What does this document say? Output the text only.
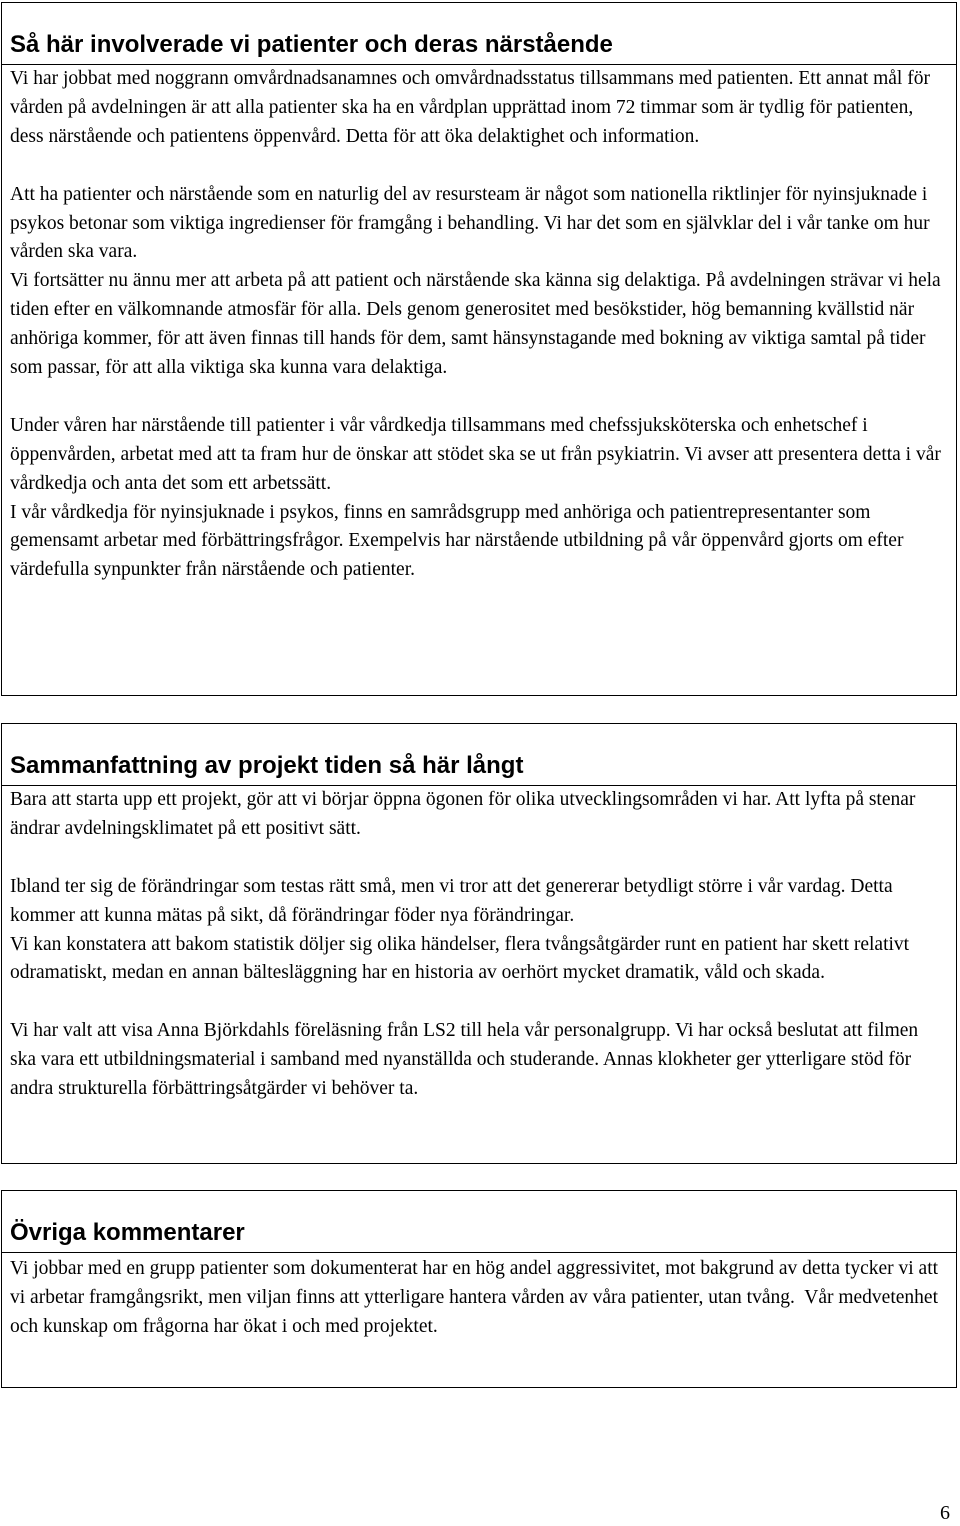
Så här involverade vi patienter och deras närstående

Vi har jobbat med noggrann omvårdnadsanamnes och omvårdnadsstatus tillsammans med patienten. Ett annat mål för vården på avdelningen är att alla patienter ska ha en vårdplan upprättad inom 72 timmar som är tydlig för patienten, dess närstående och patientens öppenvård. Detta för att öka delaktighet och information.

Att ha patienter och närstående som en naturlig del av resursteam är något som nationella riktlinjer för nyinsjuknade i psykos betonar som viktiga ingredienser för framgång i behandling. Vi har det som en självklar del i vår tanke om hur vården ska vara.

Vi fortsätter nu ännu mer att arbeta på att patient och närstående ska känna sig delaktiga. På avdelningen strävar vi hela tiden efter en välkomnande atmosfär för alla. Dels genom generositet med besökstider, hög bemanning kvällstid när anhöriga kommer, för att även finnas till hands för dem, samt hänsynstagande med bokning av viktiga samtal på tider som passar, för att alla viktiga ska kunna vara delaktiga.

Under våren har närstående till patienter i vår vårdkedja tillsammans med chefssjuksköterska och enhetschef i öppenvården, arbetat med att ta fram hur de önskar att stödet ska se ut från psykiatrin. Vi avser att presentera detta i vår vårdkedja och anta det som ett arbetssätt.

I vår vårdkedja för nyinsjuknade i psykos, finns en samrådsgrupp med anhöriga och patientrepresentanter som gemensamt arbetar med förbättringsfrågor. Exempelvis har närstående utbildning på vår öppenvård gjorts om efter värdefulla synpunkter från närstående och patienter.

Sammanfattning av projekt tiden så här långt

Bara att starta upp ett projekt, gör att vi börjar öppna ögonen för olika utvecklingsområden vi har. Att lyfta på stenar ändrar avdelningsklimatet på ett positivt sätt.

Ibland ter sig de förändringar som testas rätt små, men vi tror att det genererar betydligt större i vår vardag. Detta kommer att kunna mätas på sikt, då förändringar föder nya förändringar.

Vi kan konstatera att bakom statistik döljer sig olika händelser, flera tvångsåtgärder runt en patient har skett relativt odramatiskt, medan en annan bältesläggning har en historia av oerhört mycket dramatik, våld och skada.

Vi har valt att visa Anna Björkdahls föreläsning från LS2 till hela vår personalgrupp. Vi har också beslutat att filmen ska vara ett utbildningsmaterial i samband med nyanställda och studerande. Annas klokheter ger ytterligare stöd för andra strukturella förbättringsåtgärder vi behöver ta.

Övriga kommentarer

Vi jobbar med en grupp patienter som dokumenterat har en hög andel aggressivitet, mot bakgrund av detta tycker vi att vi arbetar framgångsrikt, men viljan finns att ytterligare hantera vården av våra patienter, utan tvång.  Vår medvetenhet och kunskap om frågorna har ökat i och med projektet.

6
